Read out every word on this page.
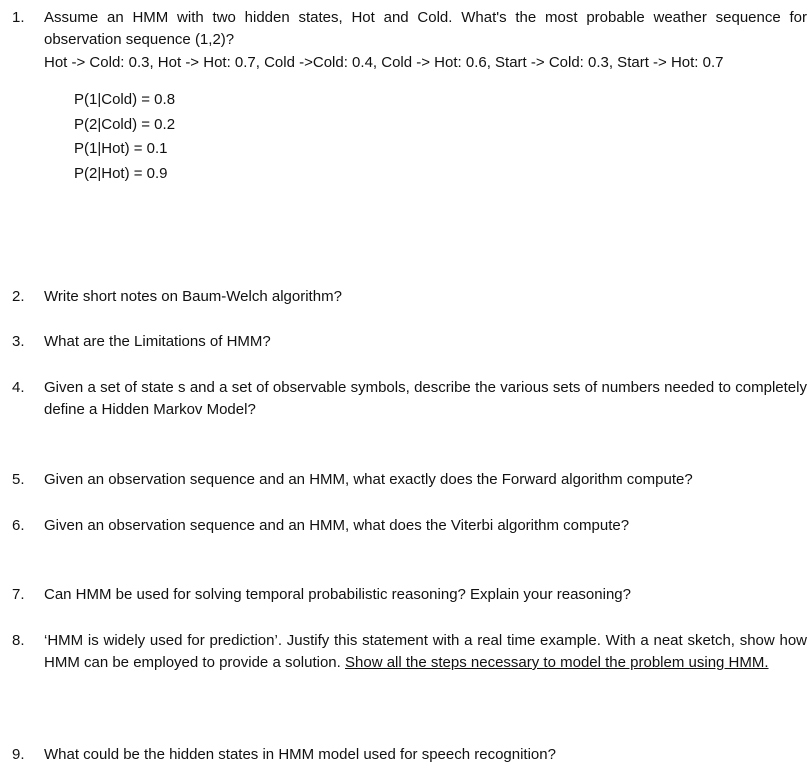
1.	Assume an HMM with two hidden states, Hot and Cold. What's the most probable weather sequence for observation sequence (1,2)?
Hot -> Cold: 0.3, Hot -> Hot: 0.7, Cold ->Cold: 0.4, Cold -> Hot: 0.6, Start -> Cold: 0.3, Start -> Hot: 0.7
P(1|Cold) = 0.8
P(2|Cold) = 0.2
P(1|Hot) = 0.1
P(2|Hot) = 0.9
2.	Write short notes on Baum-Welch algorithm?
3.	What are the Limitations of HMM?
4.	Given a set of state s and a set of observable symbols, describe the various sets of numbers needed to completely define a Hidden Markov Model?
5.	Given an observation sequence and an HMM, what exactly does the Forward algorithm compute?
6.	Given an observation sequence and an HMM, what does the Viterbi algorithm compute?
7.	Can HMM be used for solving temporal probabilistic reasoning? Explain your reasoning?
8.	‘HMM is widely used for prediction’. Justify this statement with a real time example. With a neat sketch, show how HMM can be employed to provide a solution. Show all the steps necessary to model the problem using HMM.
9.	What could be the hidden states in HMM model used for speech recognition?
